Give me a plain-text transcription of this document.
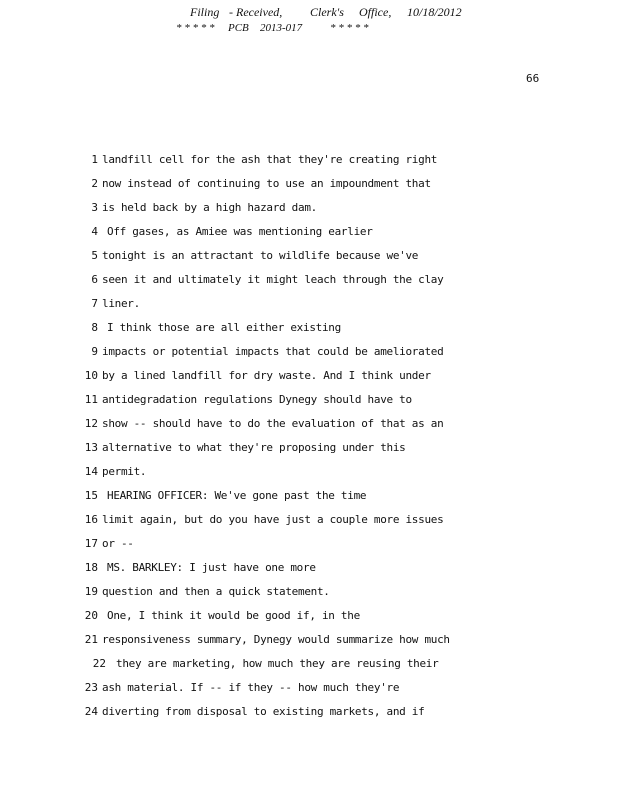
Filing

- Received,

Clerk's

Office,

10/18/2012

* * * * *

PCB

2013-017

	* * * * *

66
1 landfill cell for the ash that they're creating right
2 now instead of continuing to use an impoundment that
3 is held back by a high hazard dam.
4 Off gases, as Amiee was mentioning earlier
5 tonight is an attractant to wildlife because we've
6 seen it and ultimately it might leach through the clay
7 liner.
8 I think those are all either existing
9 impacts or potential impacts that could be ameliorated
10 by a lined landfill for dry waste. And I think under
11 antidegradation regulations Dynegy should have to
12 show -- should have to do the evaluation of that as an
13 alternative to what they're proposing under this
14 permit.
15 HEARING OFFICER: We've gone past the time
16 limit again, but do you have just a couple more issues
17 or --
18 MS. BARKLEY: I just have one more
19 question and then a quick statement.
20 One, I think it would be good if, in the
21 responsiveness summary, Dynegy would summarize how much
22 they are marketing, how much they are reusing their
23 ash material. If -- if they -- how much they're
24 diverting from disposal to existing markets, and if
